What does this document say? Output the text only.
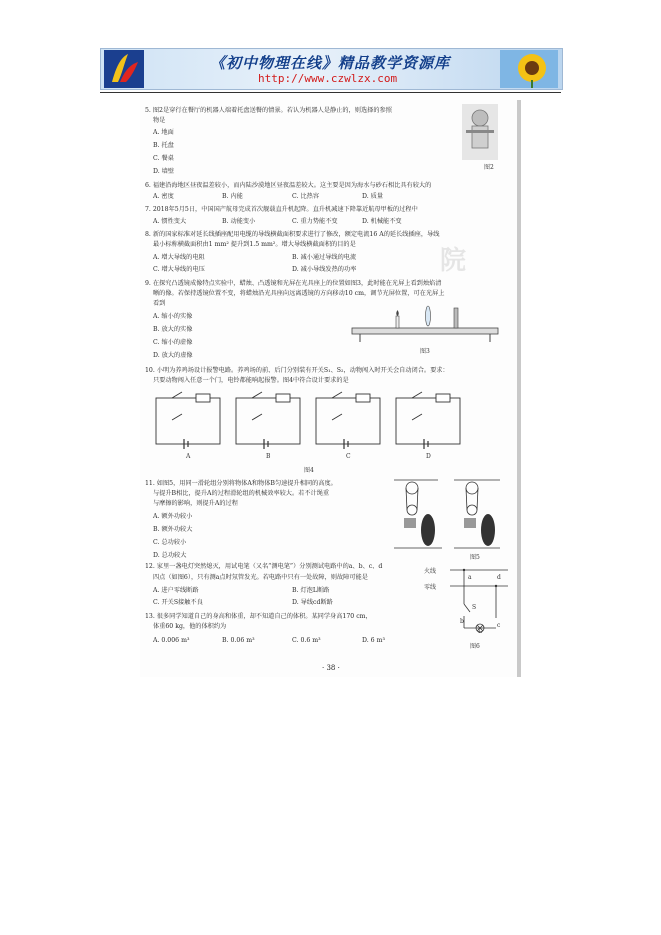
《初中物理在线》精品教学资源库
http://www.czwlzx.com
院
5. 图2是穿行在餐厅的机器人端着托盘送餐的情景。若认为机器人是静止的，则选择的参照
物是
A. 地面
B. 托盘
C. 餐桌
D. 墙壁
图2
6. 福建沿海地区昼夜温差较小，而内陆沙漠地区昼夜温差较大。这主要是因为海水与砂石相比具有较大的
A. 密度	B. 内能	C. 比热容	D. 质量
7. 2018年5月5日，中国国产航母完成首次舰载直升机起降。直升机减速下降靠近航母甲板的过程中
A. 惯性变大	B. 动能变小	C. 重力势能不变	D. 机械能不变
8. 新的国家标准对延长线插座配用电缆的导线横截面积要求进行了修改，额定电流16 A的延长线插座，导线
最小标称横截面积由1 mm² 提升到1.5 mm²。增大导线横截面积的目的是
A. 增大导线的电阻	B. 减小通过导线的电流
C. 增大导线的电压	D. 减小导线发热的功率
9. 在探究凸透镜成像特点实验中，蜡烛、凸透镜和光屏在光具座上的位置如图3，此时能在光屏上看到烛焰清
晰的像。若保持透镜位置不变，将蜡烛沿光具座向远离透镜的方向移动10 cm，调节光屏位置，可在光屏上
看到
A. 缩小的实像
B. 放大的实像
C. 缩小的虚像
D. 放大的虚像
图3
10. 小明为养鸡场设计报警电路。养鸡场的前、后门分别装有开关S₁、S₂，动物闯入时开关会自动闭合。要求：
只要动物闯入任意一个门，电铃都能响起报警。图4中符合设计要求的是
A	B	C	D
图4
11. 如图5，用同一滑轮组分别将物体A和物体B匀速提升相同的高度。
与提升B相比，提升A的过程滑轮组的机械效率较大。若不计绳重
与摩擦的影响，则提升A的过程
A. 额外功较小
B. 额外功较大
C. 总功较小
D. 总功较大	图5
12. 家里一盏电灯突然熄灭，用试电笔（又名“测电笔”）分别测试电路中的a、b、c、d
四点（如图6），只有测a点时氖管发光。若电路中只有一处故障，则故障可能是
A. 进户零线断路	B. 灯泡L断路
C. 开关S接触不良	D. 导线cd断路
火线
零线
S
L
a
b
c
d
图6
13. 很多同学知道自己的身高和体重，却不知道自己的体积。某同学身高170 cm，
体重60 kg，他的体积约为
A. 0.006 m³	B. 0.06 m³	C. 0.6 m³	D. 6 m³
· 38 ·
